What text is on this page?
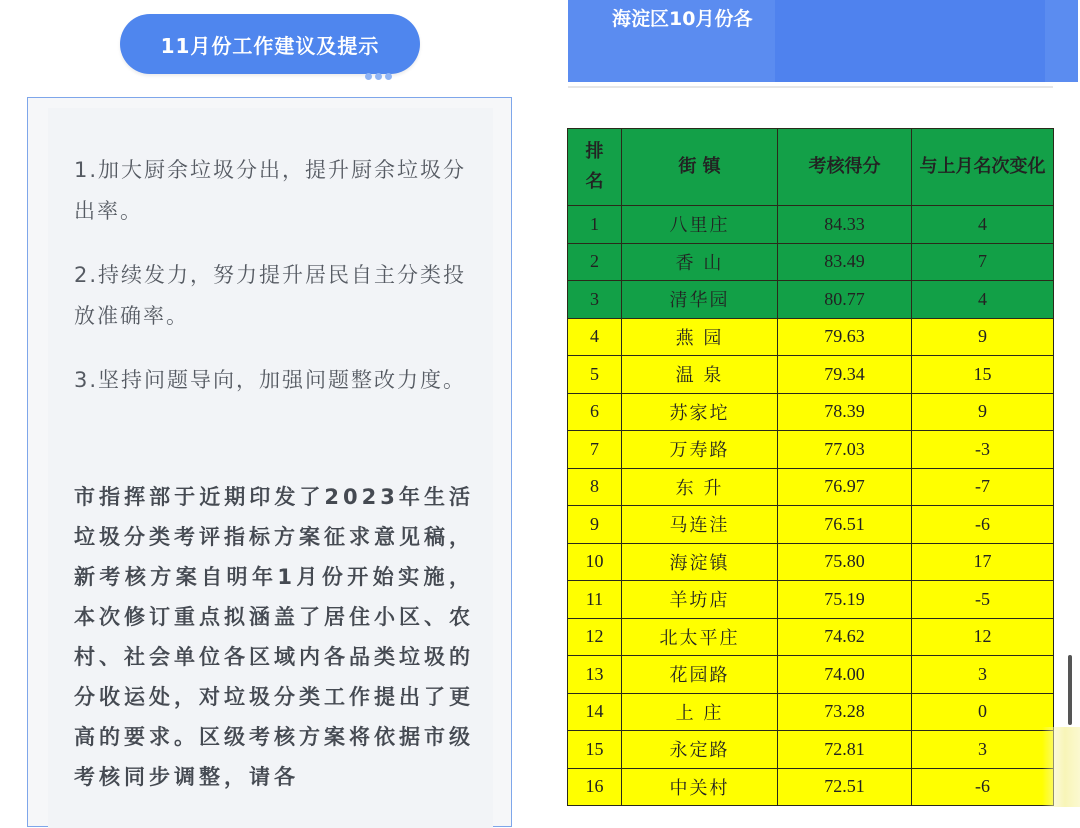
11月份工作建议及提示
1.加大厨余垃圾分出，提升厨余垃圾分出率。
2.持续发力，努力提升居民自主分类投放准确率。
3.坚持问题导向，加强问题整改力度。
市指挥部于近期印发了2023年生活垃圾分类考评指标方案征求意见稿，新考核方案自明年1月份开始实施，本次修订重点拟涵盖了居住小区、农村、社会单位各区域内各品类垃圾的分收运处，对垃圾分类工作提出了更高的要求。区级考核方案将依据市级考核同步调整，请各
海淀区10月份各
排名	街 镇	考核得分	与上月名次变化
1	八里庄	84.33	4
2	香 山	83.49	7
3	清华园	80.77	4
4	燕 园	79.63	9
5	温 泉	79.34	15
6	苏家坨	78.39	9
7	万寿路	77.03	-3
8	东 升	76.97	-7
9	马连洼	76.51	-6
10	海淀镇	75.80	17
11	羊坊店	75.19	-5
12	北太平庄	74.62	12
13	花园路	74.00	3
14	上 庄	73.28	0
15	永定路	72.81	3
16	中关村	72.51	-6
